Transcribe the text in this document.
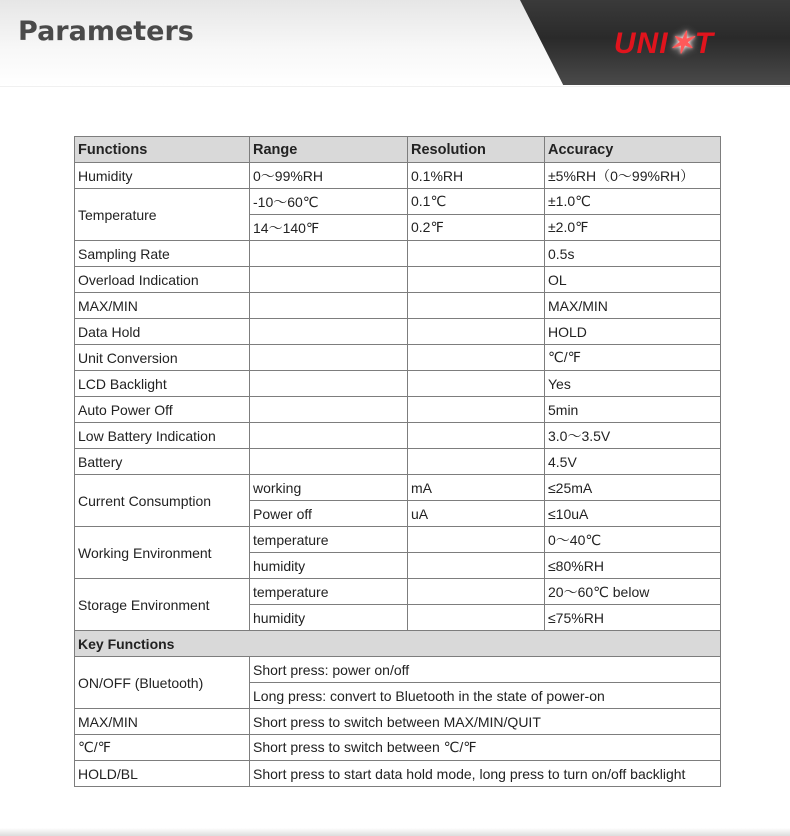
Parameters	UNI✶T
Functions	Range	Resolution	Accuracy
Humidity	0～99%RH	0.1%RH	±5%RH（0～99%RH）
Temperature	-10～60℃	0.1℃	±1.0℃
	14～140℉	0.2℉	±2.0℉
Sampling Rate			0.5s
Overload Indication			OL
MAX/MIN			MAX/MIN
Data Hold			HOLD
Unit Conversion			℃/℉
LCD Backlight			Yes
Auto Power Off			5min
Low Battery Indication			3.0～3.5V
Battery			4.5V
Current Consumption	working	mA	≤25mA
	Power off	uA	≤10uA
Working Environment	temperature		0～40℃
	humidity		≤80%RH
Storage Environment	temperature		20～60℃ below
	humidity		≤75%RH
Key Functions			
ON/OFF (Bluetooth)	Short press: power on/off		
	Long press: convert to Bluetooth in the state of power-on		
MAX/MIN	Short press to switch between MAX/MIN/QUIT		
℃/℉	Short press to switch between ℃/℉		
HOLD/BL	Short press to start data hold mode, long press to turn on/off backlight		
